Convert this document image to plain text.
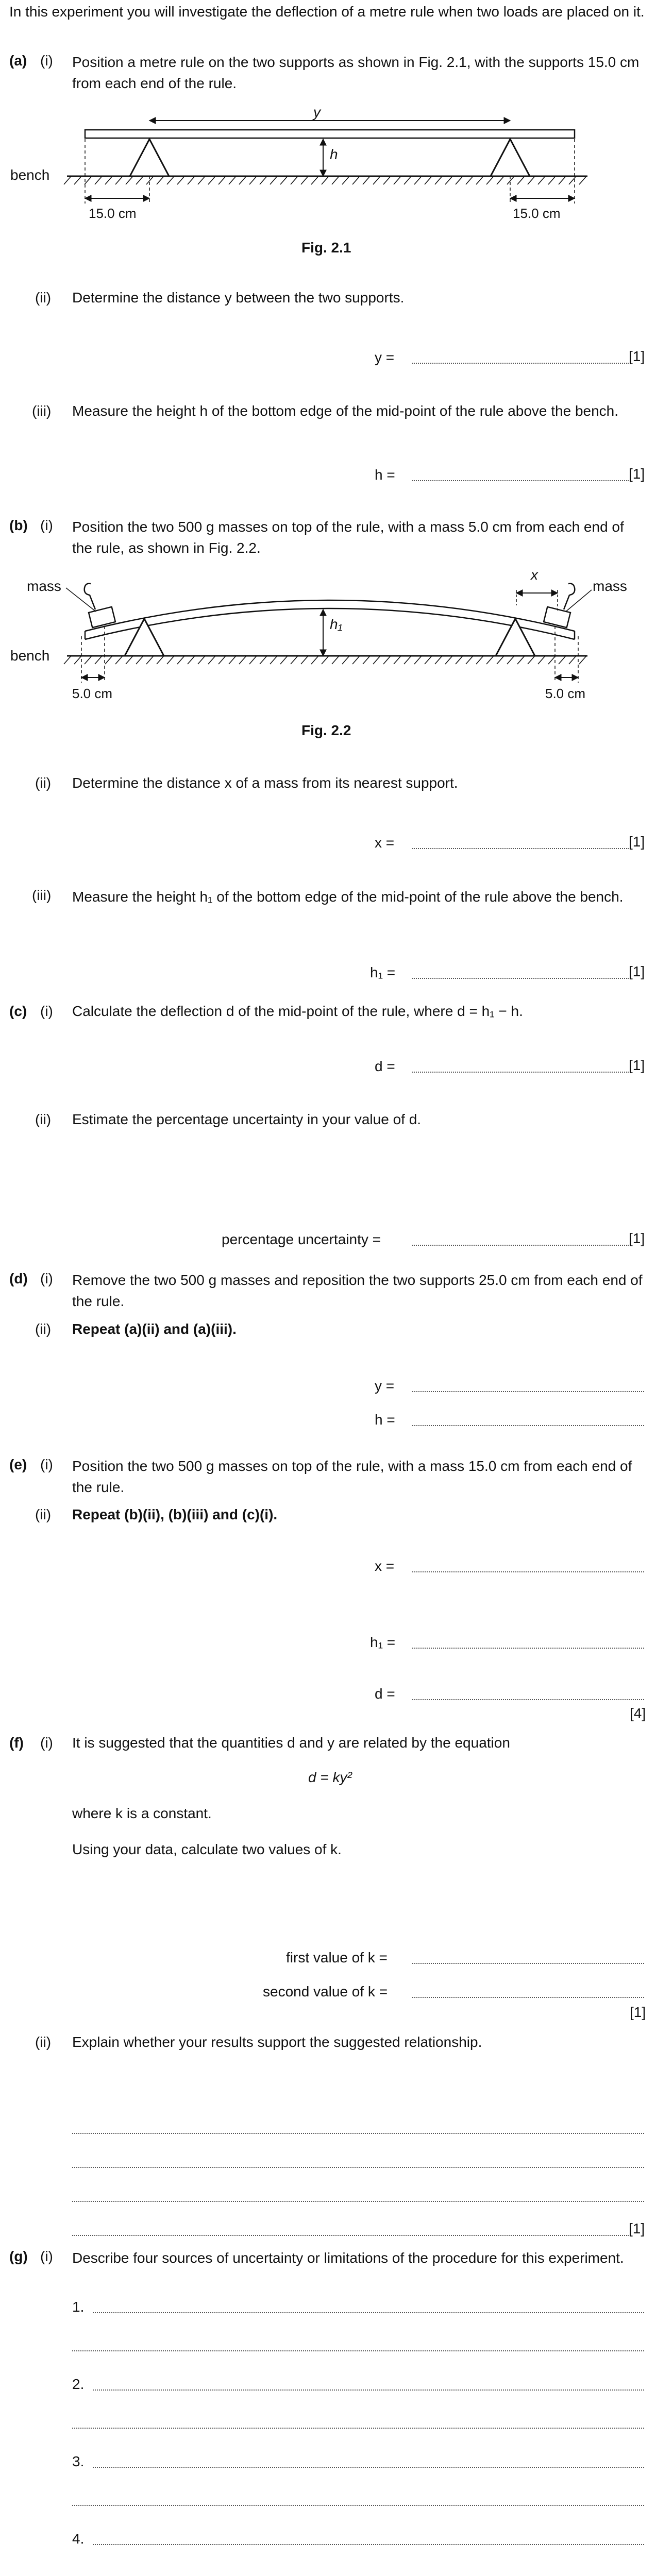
In this experiment you will investigate the deflection of a metre rule when two loads are placed on it.
(a) (i) Position a metre rule on the two supports as shown in Fig. 2.1, with the supports 15.0 cm from each end of the rule.
y
h
bench
15.0 cm	15.0 cm
Fig. 2.1
(ii) Determine the distance y between the two supports.
y =	[1]
(iii) Measure the height h of the bottom edge of the mid-point of the rule above the bench.
h =	[1]
(b) (i) Position the two 500 g masses on top of the rule, with a mass 5.0 cm from each end of the rule, as shown in Fig. 2.2.
mass	mass
x
h₁
bench
5.0 cm	5.0 cm
Fig. 2.2
(ii) Determine the distance x of a mass from its nearest support.
x =	[1]
(iii) Measure the height h₁ of the bottom edge of the mid-point of the rule above the bench.
h₁ =	[1]
(c) (i) Calculate the deflection d of the mid-point of the rule, where d = h₁ − h.
d =	[1]
(ii) Estimate the percentage uncertainty in your value of d.
percentage uncertainty =	[1]
(d) (i) Remove the two 500 g masses and reposition the two supports 25.0 cm from each end of the rule.
(ii) Repeat (a)(ii) and (a)(iii).
y =
h =
(e) (i) Position the two 500 g masses on top of the rule, with a mass 15.0 cm from each end of the rule.
(ii) Repeat (b)(ii), (b)(iii) and (c)(i).
x =
h₁ =
d =
[4]
(f) (i) It is suggested that the quantities d and y are related by the equation
d = ky²
where k is a constant.
Using your data, calculate two values of k.
first value of k =
second value of k =
[1]
(ii) Explain whether your results support the suggested relationship.
[1]
(g) (i) Describe four sources of uncertainty or limitations of the procedure for this experiment.
1.
2.
3.
4.
